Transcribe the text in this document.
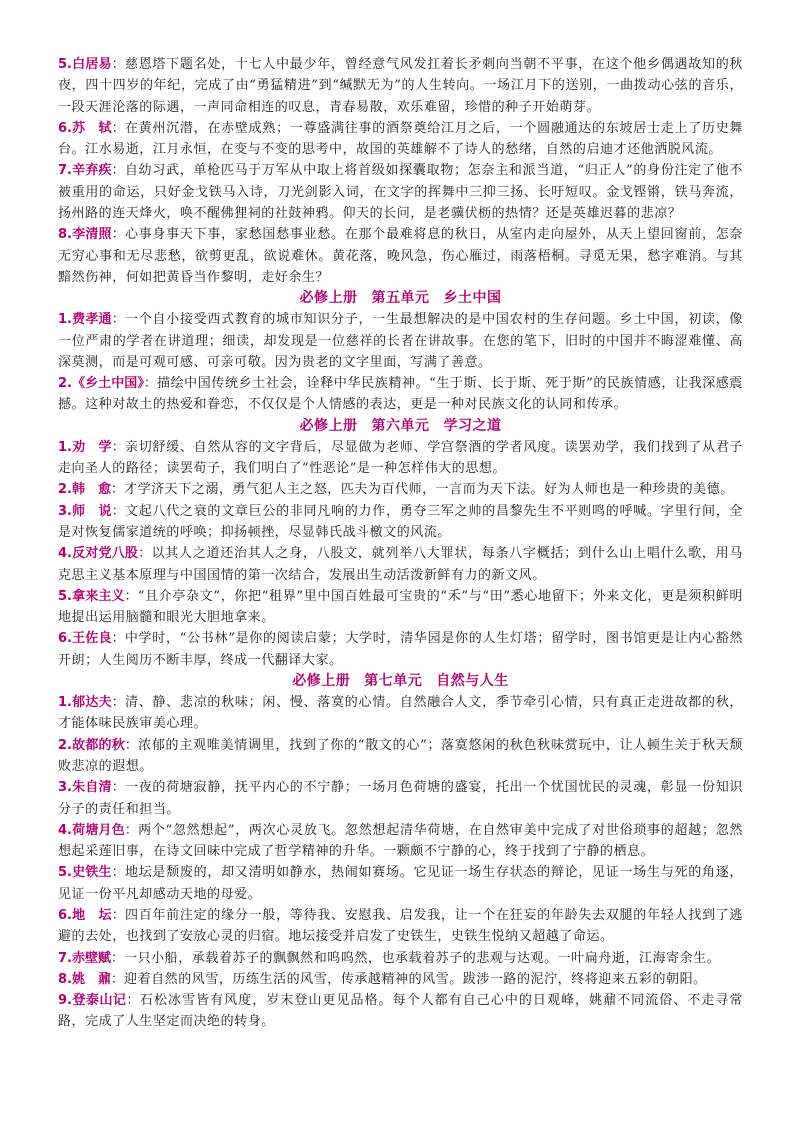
5.白居易：慈恩塔下题名处，十七人中最少年，曾经意气风发扛着长矛刺向当朝不平事，在这个他乡偶遇故知的秋夜，四十四岁的年纪，完成了由“勇猛精进”到“缄默无为”的人生转向。一场江月下的送别，一曲拨动心弦的音乐，一段天涯沦落的际遇，一声同命相连的叹息，青春易散，欢乐难留，珍惜的种子开始萌芽。

6.苏　轼：在黄州沉潜，在赤壁成熟；一尊盛满往事的酒祭奠给江月之后，一个圆融通达的东坡居士走上了历史舞台。江水易逝，江月永恒，在变与不变的思考中，故国的英雄解不了诗人的愁绪，自然的启迪才还他洒脱风流。

7.辛弃疾：自幼习武，单枪匹马于万军从中取上将首级如探囊取物；怎奈主和派当道，“归正人”的身份注定了他不被重用的命运，只好金戈铁马入诗，刀光剑影入词，在文字的挥舞中三抑三扬、长吁短叹。金戈铿锵，铁马奔流，扬州路的连天烽火，唤不醒佛狸祠的社鼓神鸦。仰天的长问，是老骥伏枥的热情？还是英雄迟暮的悲凉？

8.李清照：心事身事天下事，家愁国愁事业愁。在那个最难将息的秋日，从室内走向屋外，从天上望回窗前，怎奈无穷心事和无尽悲愁，欲剪更乱，欲说难休。黄花落，晚风急，伤心雁过，雨落梧桐。寻觅无果，愁字难消。与其黯然伤神，何如把黄昏当作黎明，走好余生？

必修上册 第五单元 乡土中国

1.费孝通：一个自小接受西式教育的城市知识分子，一生最想解决的是中国农村的生存问题。乡土中国，初读，像一位严肃的学者在讲道理；细读，却发现是一位慈祥的长者在讲故事。在您的笔下，旧时的中国并不晦涩难懂、高深莫测，而是可观可感、可亲可敬。因为贵老的文字里面，写满了善意。

2.《乡土中国》：描绘中国传统乡土社会，诠释中华民族精神。“生于斯、长于斯、死于斯”的民族情感，让我深感震撼。这种对故土的热爱和眷恋，不仅仅是个人情感的表达，更是一种对民族文化的认同和传承。

必修上册 第六单元 学习之道

1.劝　学：亲切舒缓、自然从容的文字背后，尽显做为老师、学宫祭酒的学者风度。读罢劝学，我们找到了从君子走向圣人的路径；读罢荀子，我们明白了“性恶论”是一种怎样伟大的思想。

2.韩　愈：才学济天下之溺，勇气犯人主之怒，匹夫为百代师，一言而为天下法。好为人师也是一种珍贵的美德。

3.师　说：文起八代之衰的文章巨公的非同凡响的力作，勇夺三军之帅的昌黎先生不平则鸣的呼喊。字里行间，全是对恢复儒家道统的呼唤；抑扬顿挫，尽显韩氏战斗檄文的风流。

4.反对党八股：以其人之道还治其人之身，八股文，就列举八大罪状，每条八字概括；到什么山上唱什么歌，用马克思主义基本原理与中国国情的第一次结合，发展出生动活泼新鲜有力的新文风。

5.拿来主义：“且介亭杂文”，你把“租界”里中国百姓最可宝贵的“禾”与“田”悉心地留下；外来文化，更是须积鲜明地提出运用脑髓和眼光大胆地拿来。

6.王佐良：中学时，“公书林”是你的阅读启蒙；大学时，清华园是你的人生灯塔；留学时，图书馆更是让内心豁然开朗；人生阅历不断丰厚，终成一代翻译大家。

必修上册 第七单元 自然与人生

1.郁达夫：清、静、悲凉的秋味；闲、慢、落寞的心情。自然融合人文，季节牵引心情，只有真正走进故都的秋，才能体味民族审美心理。

2.故都的秋：浓郁的主观唯美情调里，找到了你的“散文的心”；落寞悠闲的秋色秋味赏玩中，让人顿生关于秋天颓败悲凉的遐想。

3.朱自清：一夜的荷塘寂静，抚平内心的不宁静；一场月色荷塘的盛宴，托出一个忧国忧民的灵魂，彰显一份知识分子的责任和担当。

4.荷塘月色：两个“忽然想起”，两次心灵放飞。忽然想起清华荷塘，在自然审美中完成了对世俗琐事的超越；忽然想起采莲旧事，在诗文回味中完成了哲学精神的升华。一颗颇不宁静的心，终于找到了宁静的栖息。

5.史铁生：地坛是颓废的，却又清明如静水，热闹如赛场。它见证一场生存状态的辩论，见证一场生与死的角逐，见证一份平凡却感动天地的母爱。

6.地　坛：四百年前注定的缘分一般，等待我、安慰我、启发我，让一个在狂妄的年龄失去双腿的年轻人找到了逃避的去处，也找到了安放心灵的归宿。地坛接受并启发了史铁生，史铁生悦纳又超越了命运。

7.赤壁赋：一只小船，承载着苏子的飘飘然和呜呜然，也承载着苏子的悲观与达观。一叶扁舟逝，江海寄余生。

8.姚　鼐：迎着自然的风雪，历练生活的风雪，传承越精神的风雪。跋涉一路的泥泞，终将迎来五彩的朝阳。

9.登泰山记：石松冰雪皆有风度，岁末登山更见品格。每个人都有自己心中的日观峰，姚鼐不同流俗、不走寻常路，完成了人生坚定而决绝的转身。
